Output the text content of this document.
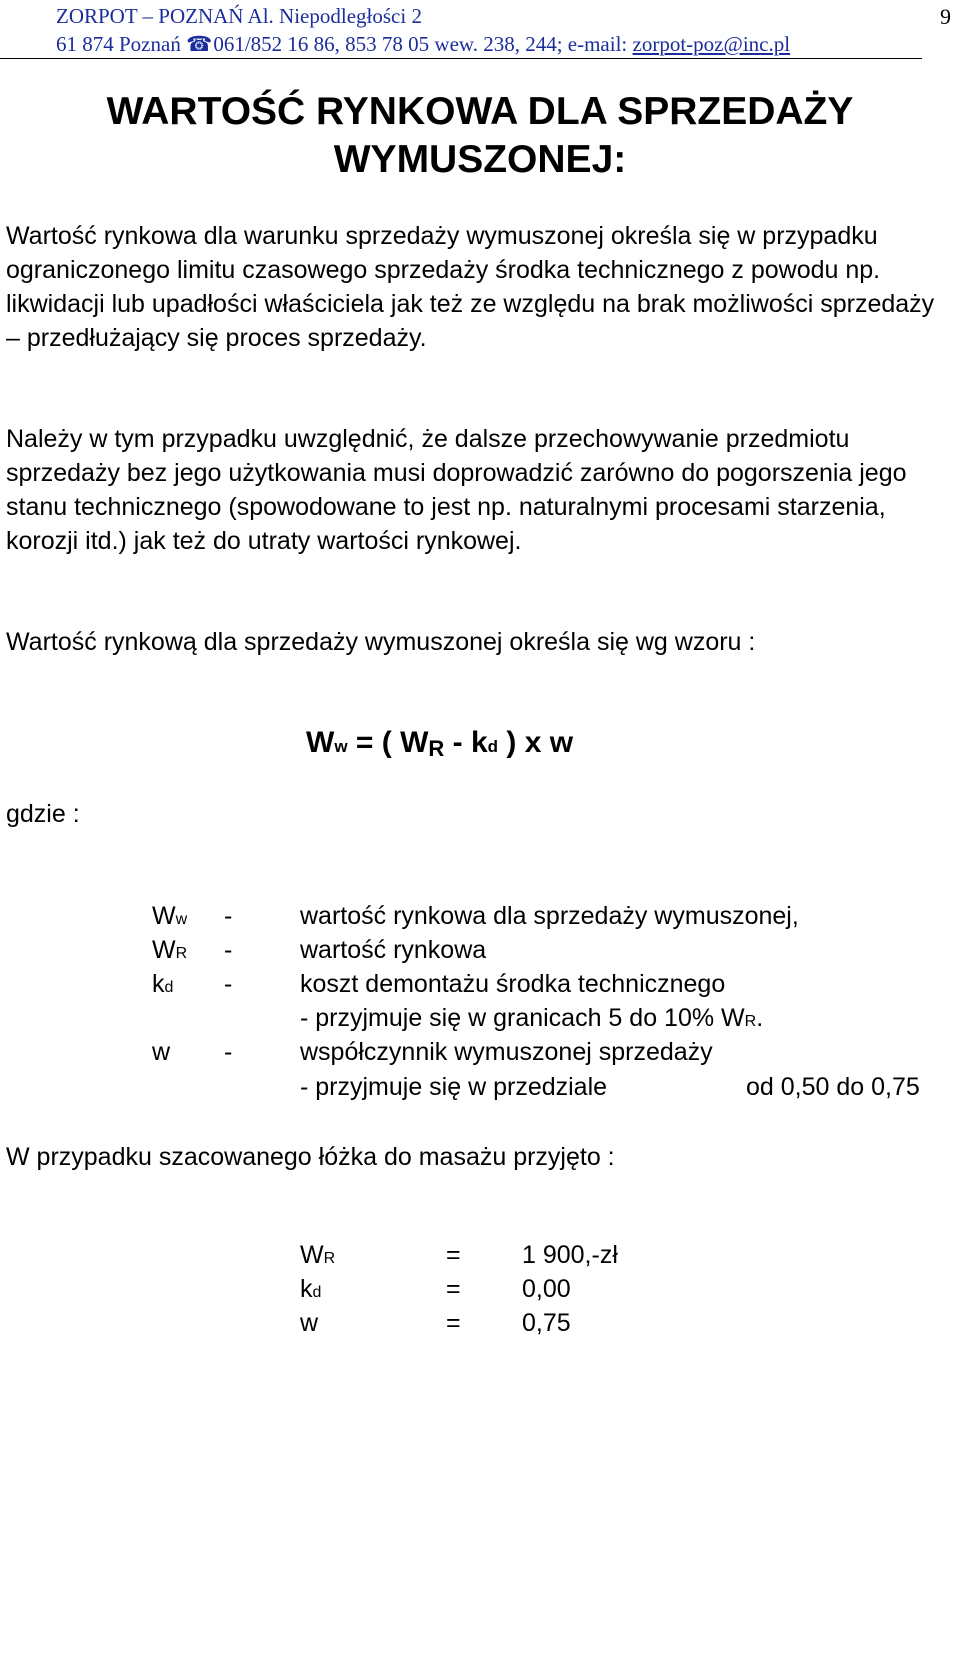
ZORPOT – POZNAŃ Al. Niepodległości 2
61 874 Poznań ☎ 061/852 16 86, 853 78 05 wew. 238, 244; e-mail: zorpot-poz@inc.pl
9
WARTOŚĆ RYNKOWA DLA SPRZEDAŻY
WYMUSZONEJ:

Wartość rynkowa dla warunku sprzedaży wymuszonej określa się w przypadku ograniczonego limitu czasowego sprzedaży środka technicznego z powodu np. likwidacji lub upadłości właściciela jak też ze względu na brak możliwości sprzedaży – przedłużający się proces sprzedaży.

Należy w tym przypadku uwzględnić, że dalsze przechowywanie przedmiotu sprzedaży bez jego użytkowania musi doprowadzić zarówno do pogorszenia jego stanu technicznego (spowodowane to jest np. naturalnymi procesami starzenia, korozji itd.) jak też do utraty wartości rynkowej.

Wartość rynkową dla sprzedaży wymuszonej określa się wg wzoru :

Ww = ( WR - kd ) x w
gdzie :
Ww -	wartość rynkowa dla sprzedaży wymuszonej,
WR -	wartość rynkowa
kd -	koszt demontażu środka technicznego
- przyjmuje się w granicach 5 do 10% WR.
w -	współczynnik wymuszonej sprzedaży
- przyjmuje się w przedziale	od 0,50 do 0,75

W przypadku szacowanego łóżka do masażu przyjęto :

WR	= 1 900,-zł
kd	= 0,00
w	= 0,75
